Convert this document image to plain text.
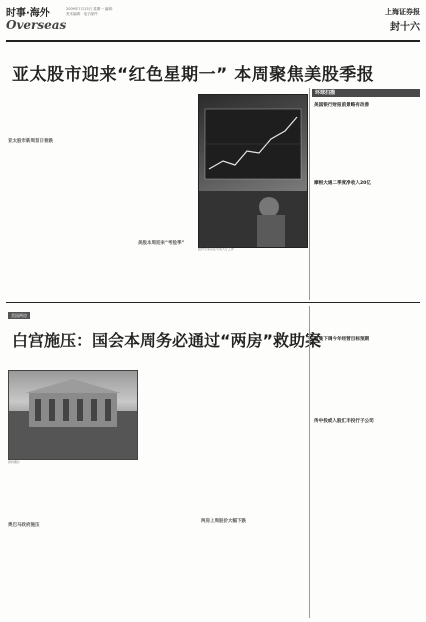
时事·海外
Overseas
2009年7月13日 星期一 编辑：
美术编辑：电子邮件：	上海证券报
封十六
亚太股市迎来“红色星期一” 本周聚焦美股季报
亚太股市新周首日普跌
美股本周迎来“考验季”
纽约交易员在交易大厅工作
环球扫描
美国银行财报前景略有改善
摩根大通二季度净收入20亿
美国两房
白宫施压：国会本周务必通过“两房”救助案
资料图片
奥巴马政府施压
两房上周股价大幅下跌
雷曼下调今年经营目标预期
传中投或入股汇丰投行子公司
